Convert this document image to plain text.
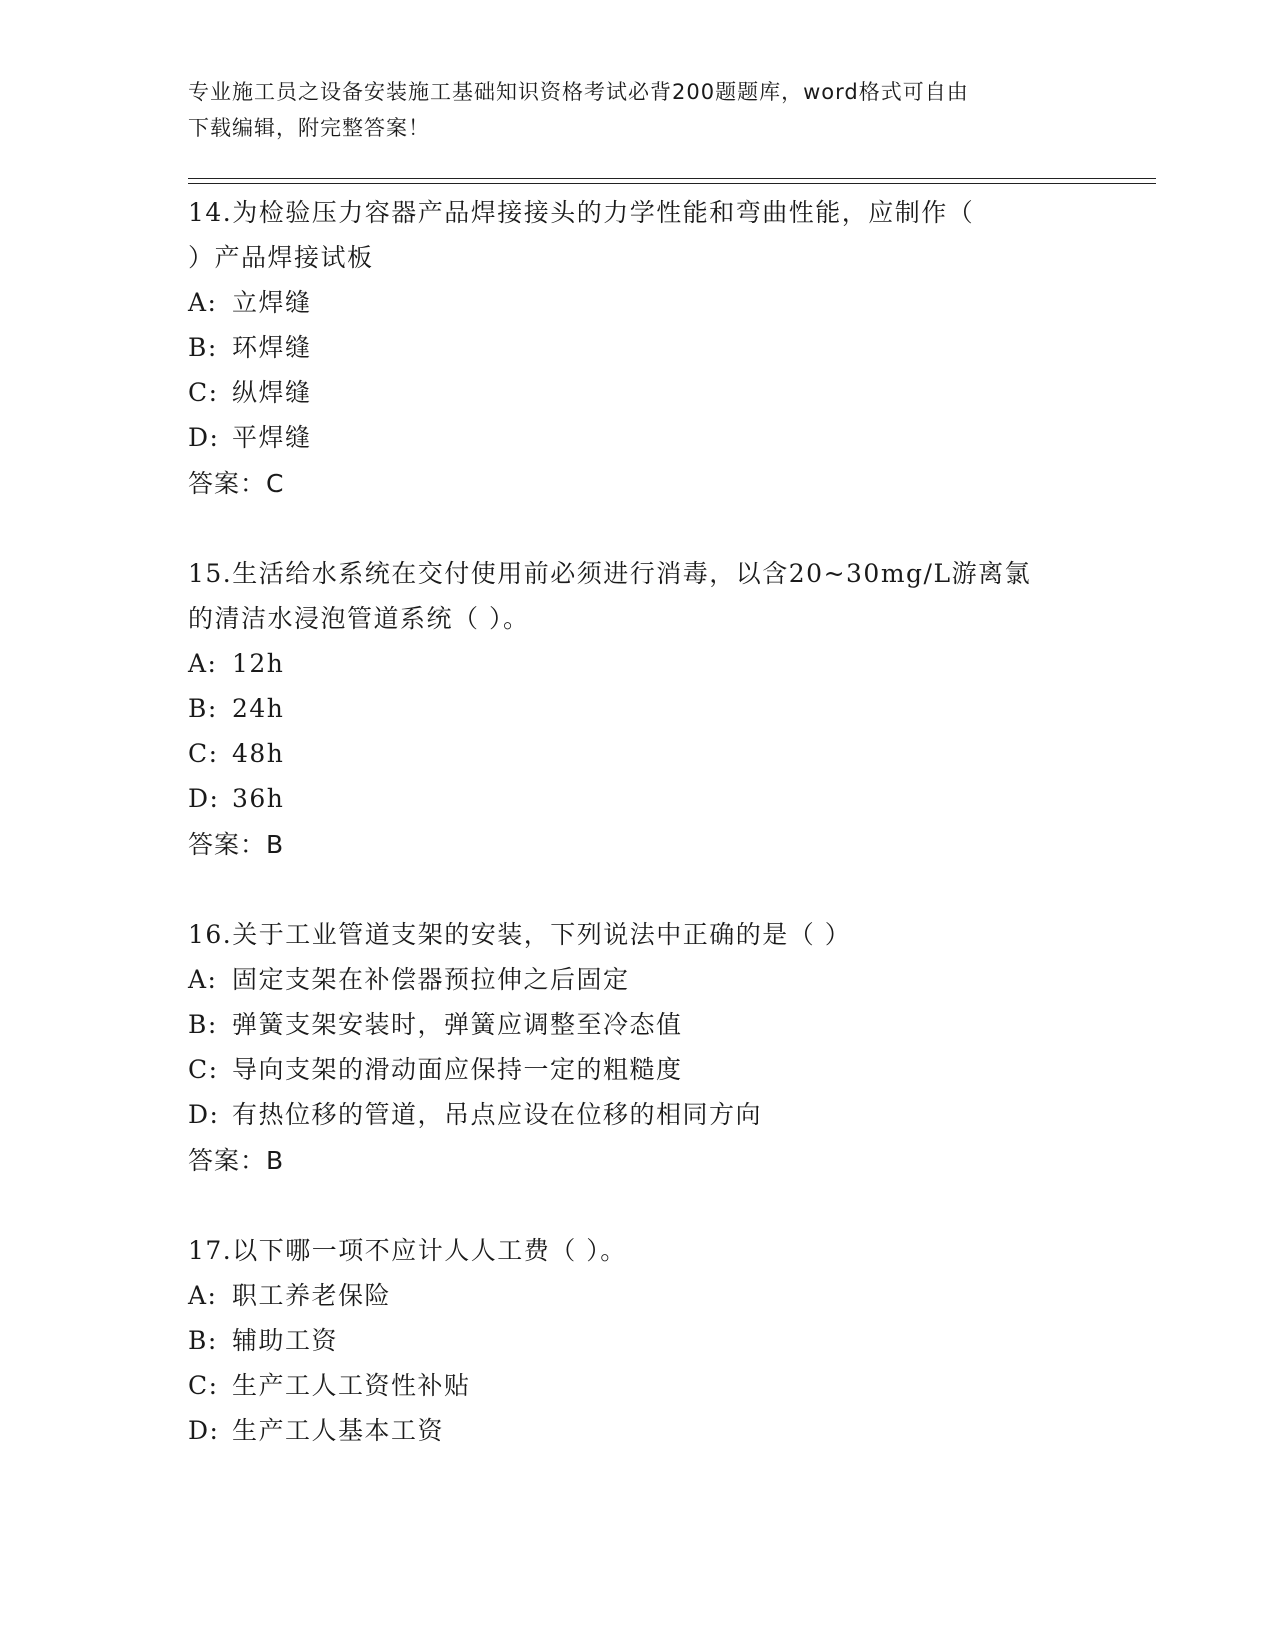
专业施工员之设备安装施工基础知识资格考试必背200题题库，word格式可自由
下载编辑，附完整答案！
14.为检验压力容器产品焊接接头的力学性能和弯曲性能，应制作（
）产品焊接试板
A: 立焊缝
B: 环焊缝
C: 纵焊缝
D: 平焊缝
答案：C
15.生活给水系统在交付使用前必须进行消毒，以含20~30mg/L游离氯
的清洁水浸泡管道系统（ ）。
A: 12h
B: 24h
C: 48h
D: 36h
答案：B
16.关于工业管道支架的安装，下列说法中正确的是（ ）
A: 固定支架在补偿器预拉伸之后固定
B: 弹簧支架安装时，弹簧应调整至冷态值
C: 导向支架的滑动面应保持一定的粗糙度
D: 有热位移的管道，吊点应设在位移的相同方向
答案：B
17.以下哪一项不应计人人工费（ ）。
A: 职工养老保险
B: 辅助工资
C: 生产工人工资性补贴
D: 生产工人基本工资
